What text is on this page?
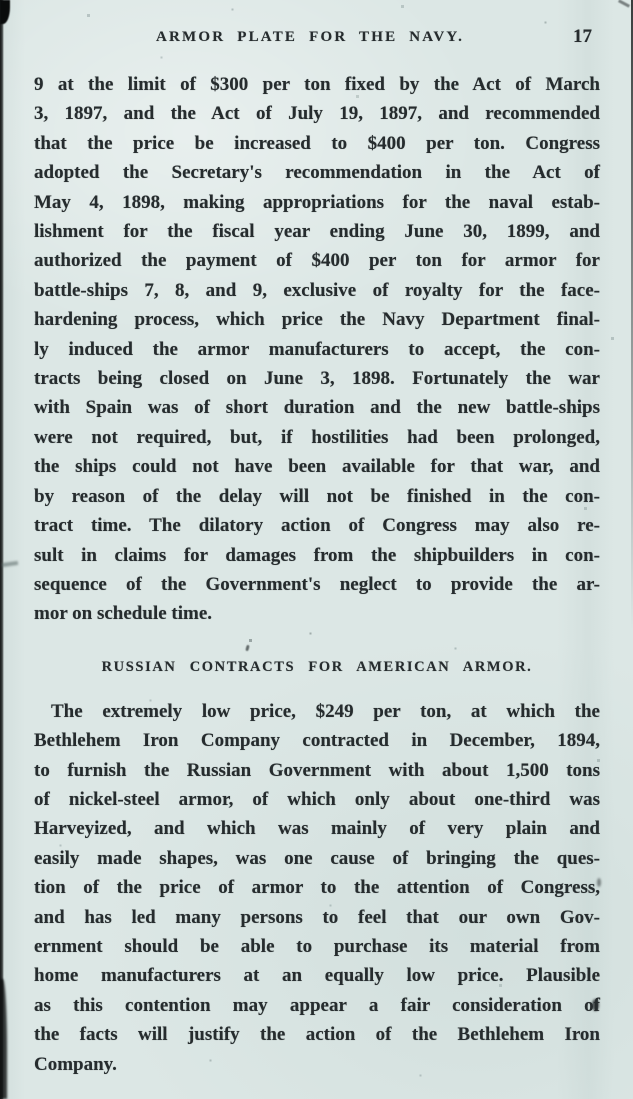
ARMOR PLATE FOR THE NAVY.	17
9 at the limit of $300 per ton fixed by the Act of March
3, 1897, and the Act of July 19, 1897, and recommended
that the price be increased to $400 per ton. Congress
adopted the Secretary's recommendation in the Act of
May 4, 1898, making appropriations for the naval estab-
lishment for the fiscal year ending June 30, 1899, and
authorized the payment of $400 per ton for armor for
battle-ships 7, 8, and 9, exclusive of royalty for the face-
hardening process, which price the Navy Department final-
ly induced the armor manufacturers to accept, the con-
tracts being closed on June 3, 1898. Fortunately the war
with Spain was of short duration and the new battle-ships
were not required, but, if hostilities had been prolonged,
the ships could not have been available for that war, and
by reason of the delay will not be finished in the con-
tract time. The dilatory action of Congress may also re-
sult in claims for damages from the shipbuilders in con-
sequence of the Government's neglect to provide the ar-
mor on schedule time.
RUSSIAN CONTRACTS FOR AMERICAN ARMOR.
The extremely low price, $249 per ton, at which the
Bethlehem Iron Company contracted in December, 1894,
to furnish the Russian Government with about 1,500 tons
of nickel-steel armor, of which only about one-third was
Harveyized, and which was mainly of very plain and
easily made shapes, was one cause of bringing the ques-
tion of the price of armor to the attention of Congress,
and has led many persons to feel that our own Gov-
ernment should be able to purchase its material from
home manufacturers at an equally low price. Plausible
as this contention may appear a fair consideration of
the facts will justify the action of the Bethlehem Iron
Company.
